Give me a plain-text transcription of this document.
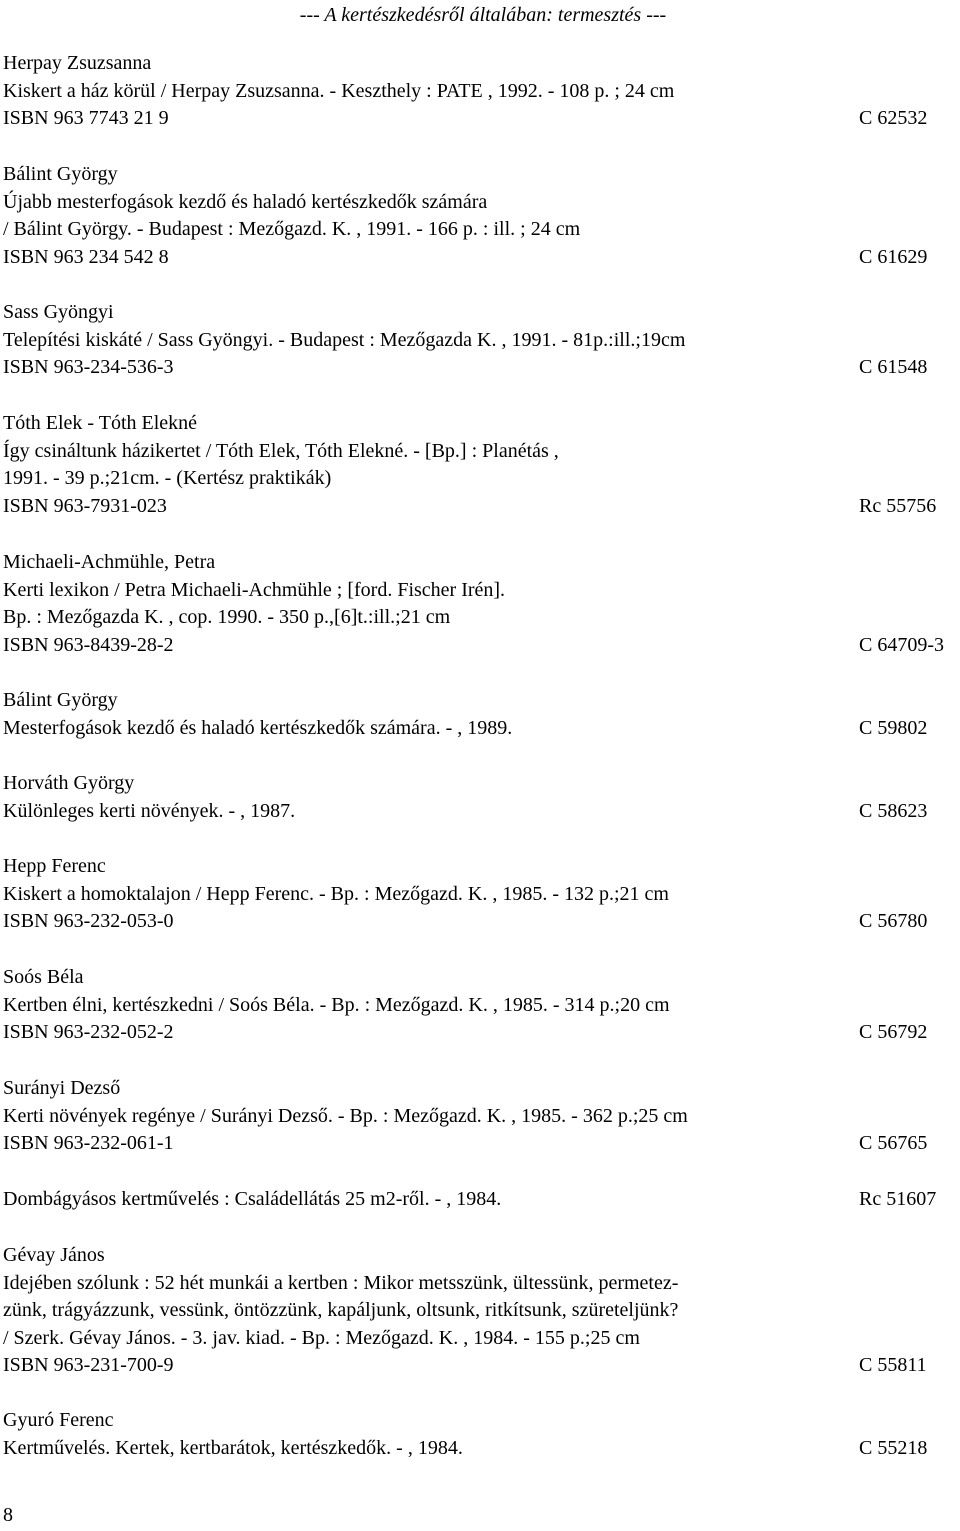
--- A kertészkedésről általában: termesztés ---
Herpay Zsuzsanna
Kiskert a ház körül / Herpay Zsuzsanna. - Keszthely : PATE , 1992. - 108 p. ; 24 cm
ISBN 963 7743 21 9	C 62532
Bálint György
Újabb mesterfogások kezdő és haladó kertészkedők számára
/ Bálint György. - Budapest : Mezőgazd. K. , 1991. - 166 p. : ill. ; 24 cm
ISBN 963 234 542 8	C 61629
Sass Gyöngyi
Telepítési kiskáté / Sass Gyöngyi. - Budapest : Mezőgazda K. , 1991. - 81p.:ill.;19cm
ISBN 963-234-536-3	C 61548
Tóth Elek - Tóth Elekné
Így csináltunk házikertet / Tóth Elek, Tóth Elekné. - [Bp.] : Planétás ,
1991. - 39 p.;21cm. - (Kertész praktikák)
ISBN 963-7931-023	Rc 55756
Michaeli-Achmühle, Petra
Kerti lexikon / Petra Michaeli-Achmühle ; [ford. Fischer Irén].
Bp. : Mezőgazda K. , cop. 1990. - 350 p.,[6]t.:ill.;21 cm
ISBN 963-8439-28-2	C 64709-3
Bálint György
Mesterfogások kezdő és haladó kertészkedők számára. - , 1989.	C 59802
Horváth György
Különleges kerti növények. - , 1987.	C 58623
Hepp Ferenc
Kiskert a homoktalajon / Hepp Ferenc. - Bp. : Mezőgazd. K. , 1985. - 132 p.;21 cm
ISBN 963-232-053-0	C 56780
Soós Béla
Kertben élni, kertészkedni / Soós Béla. - Bp. : Mezőgazd. K. , 1985. - 314 p.;20 cm
ISBN 963-232-052-2	C 56792
Surányi Dezső
Kerti növények regénye / Surányi Dezső. - Bp. : Mezőgazd. K. , 1985. - 362 p.;25 cm
ISBN 963-232-061-1	C 56765
Dombágyásos kertművelés : Családellátás 25 m2-ről. - , 1984.	Rc 51607
Gévay János
Idejében szólunk : 52 hét munkái a kertben : Mikor metsszünk, ültessünk, permetez-
zünk, trágyázzunk, vessünk, öntözzünk, kapáljunk, oltsunk, ritkítsunk, szüreteljünk?
/ Szerk. Gévay János. - 3. jav. kiad. - Bp. : Mezőgazd. K. , 1984. - 155 p.;25 cm
ISBN 963-231-700-9	C 55811
Gyuró Ferenc
Kertművelés. Kertek, kertbarátok, kertészkedők. - , 1984.	C 55218
8
